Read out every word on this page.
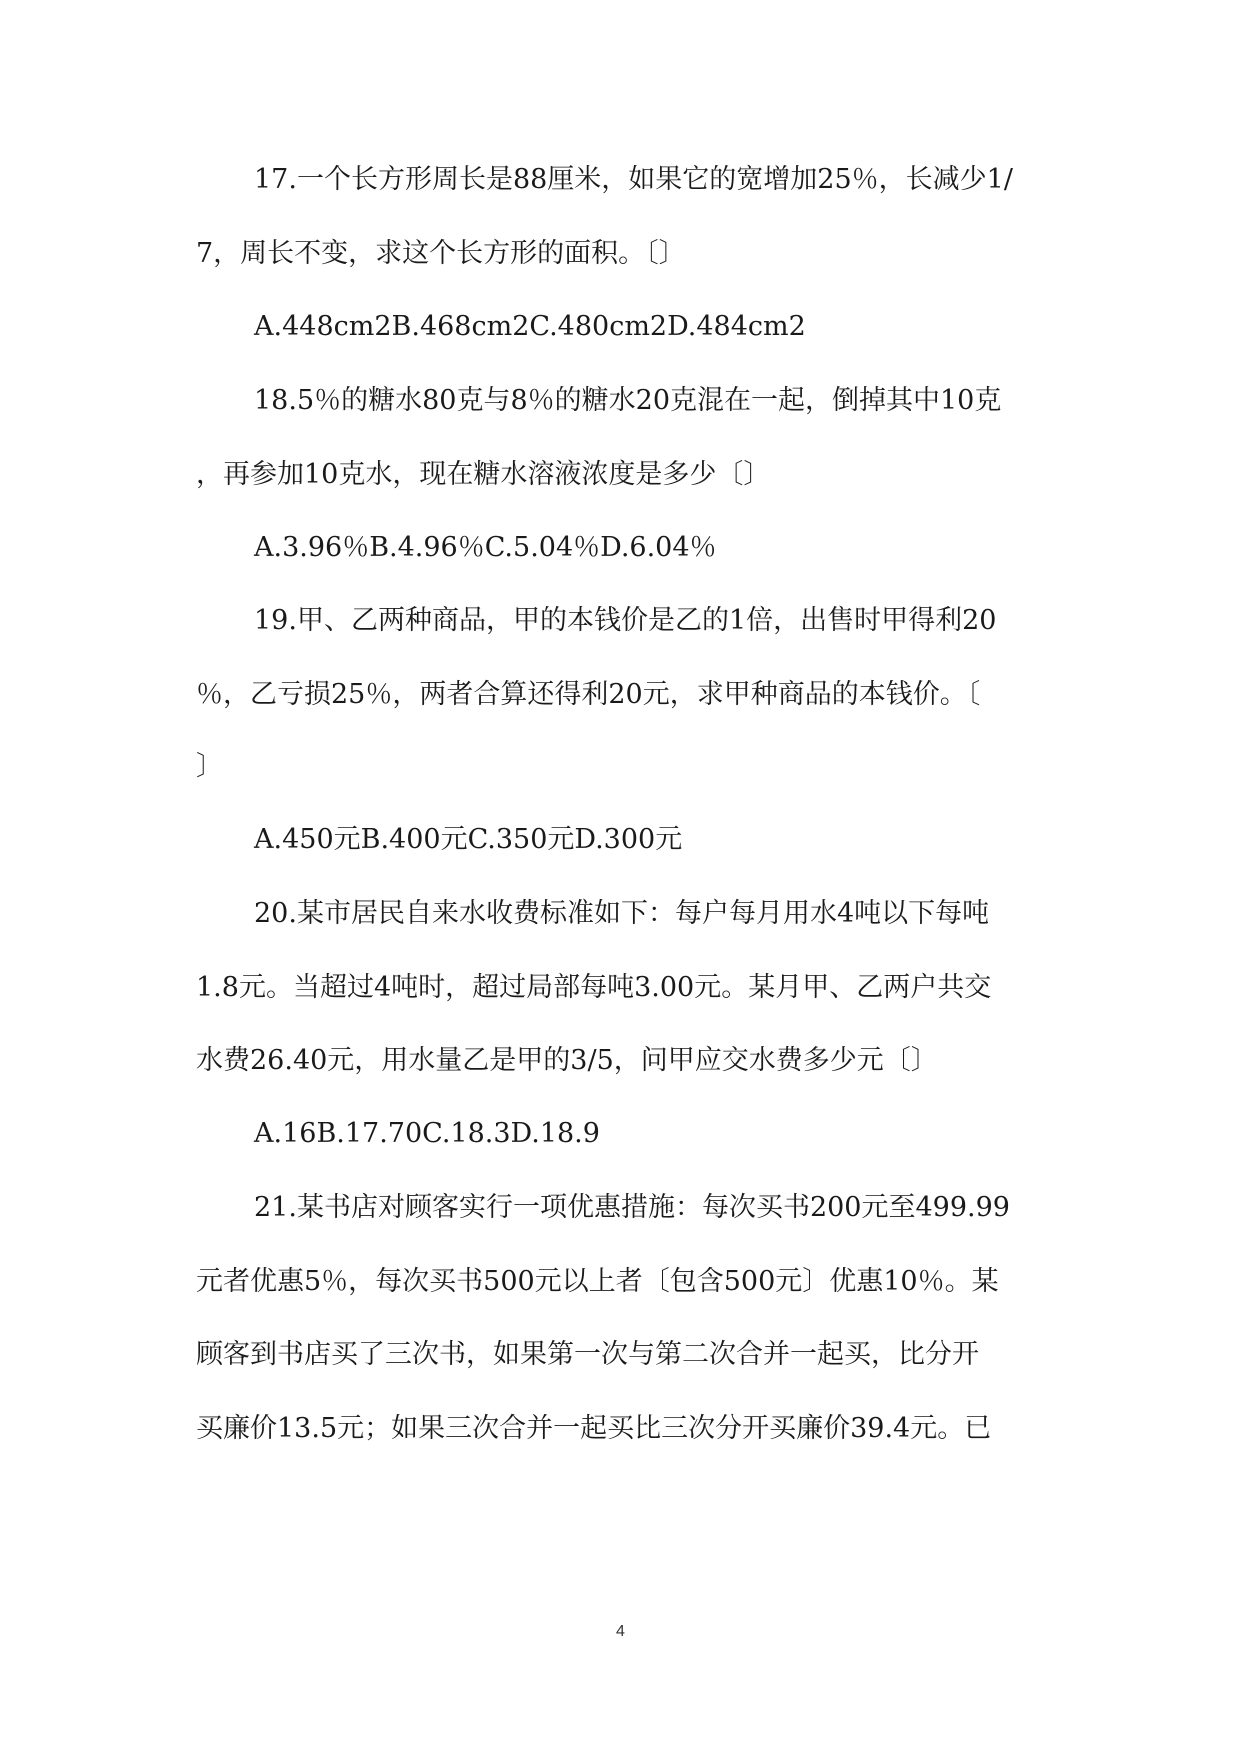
17.一个长方形周长是88厘米，如果它的宽增加25％，长减少1/
7，周长不变，求这个长方形的面积。〔〕
A.448cm2B.468cm2C.480cm2D.484cm2
18.5％的糖水80克与8％的糖水20克混在一起，倒掉其中10克
，再参加10克水，现在糖水溶液浓度是多少〔〕
A.3.96％B.4.96％C.5.04％D.6.04％
19.甲、乙两种商品，甲的本钱价是乙的1倍，出售时甲得利20
％，乙亏损25％，两者合算还得利20元，求甲种商品的本钱价。〔
〕
A.450元B.400元C.350元D.300元
20.某市居民自来水收费标准如下：每户每月用水4吨以下每吨
1.8元。当超过4吨时，超过局部每吨3.00元。某月甲、乙两户共交
水费26.40元，用水量乙是甲的3/5，问甲应交水费多少元〔〕
A.16B.17.70C.18.3D.18.9
21.某书店对顾客实行一项优惠措施：每次买书200元至499.99
元者优惠5％，每次买书500元以上者〔包含500元〕优惠10％。某
顾客到书店买了三次书，如果第一次与第二次合并一起买，比分开
买廉价13.5元；如果三次合并一起买比三次分开买廉价39.4元。已
4
